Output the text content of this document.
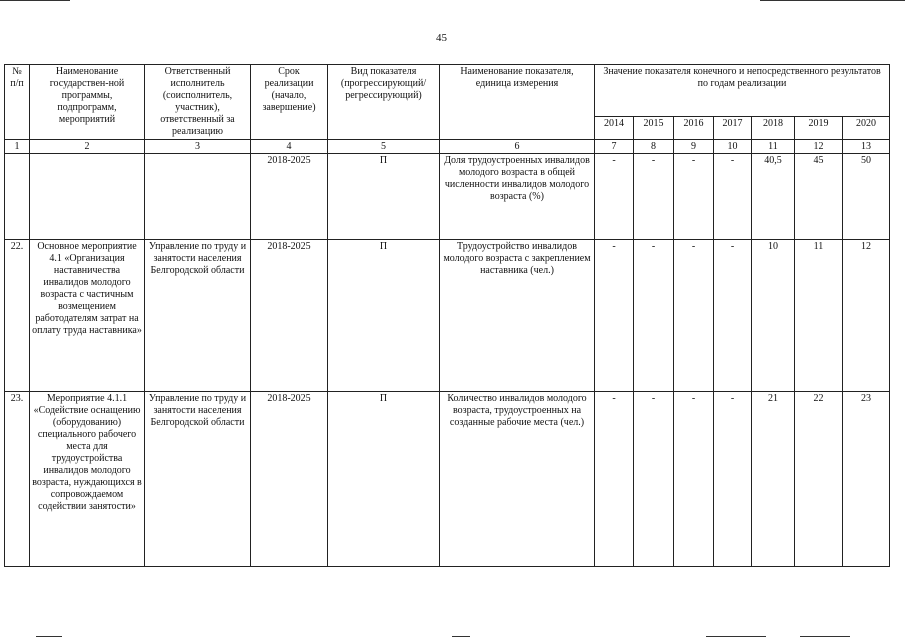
45
№ п/п	Наименование государствен-ной программы, подпрограмм, мероприятий	Ответственный исполнитель (соисполнитель, участник), ответственный за реализацию	Срок реализации (начало, завершение)	Вид показателя (прогрессирующий/ регрессирующий)	Наименование показателя, единица измерения	Значение показателя конечного и непосредственного результатов по годам реализации						
						2014	2015	2016	2017	2018	2019	2020
1	2	3	4	5	6	7	8	9	10	11	12	13
			2018-2025	П	Доля трудоустроенных инвалидов молодого возраста в общей численности инвалидов молодого возраста (%)	-	-	-	-	40,5	45	50
22.	Основное мероприятие 4.1 «Организация наставничества инвалидов молодого возраста с частичным возмещением работодателям затрат на оплату труда наставника»	Управление по труду и занятости населения Белгородской области	2018-2025	П	Трудоустройство инвалидов молодого возраста с закреплением наставника (чел.)	-	-	-	-	10	11	12
23.	Мероприятие 4.1.1 «Содействие оснащению (оборудованию) специального рабочего места для трудоустройства инвалидов молодого возраста, нуждающихся в сопровождаемом содействии занятости»	Управление по труду и занятости населения Белгородской области	2018-2025	П	Количество инвалидов молодого возраста, трудоустроенных на созданные рабочие места (чел.)	-	-	-	-	21	22	23
